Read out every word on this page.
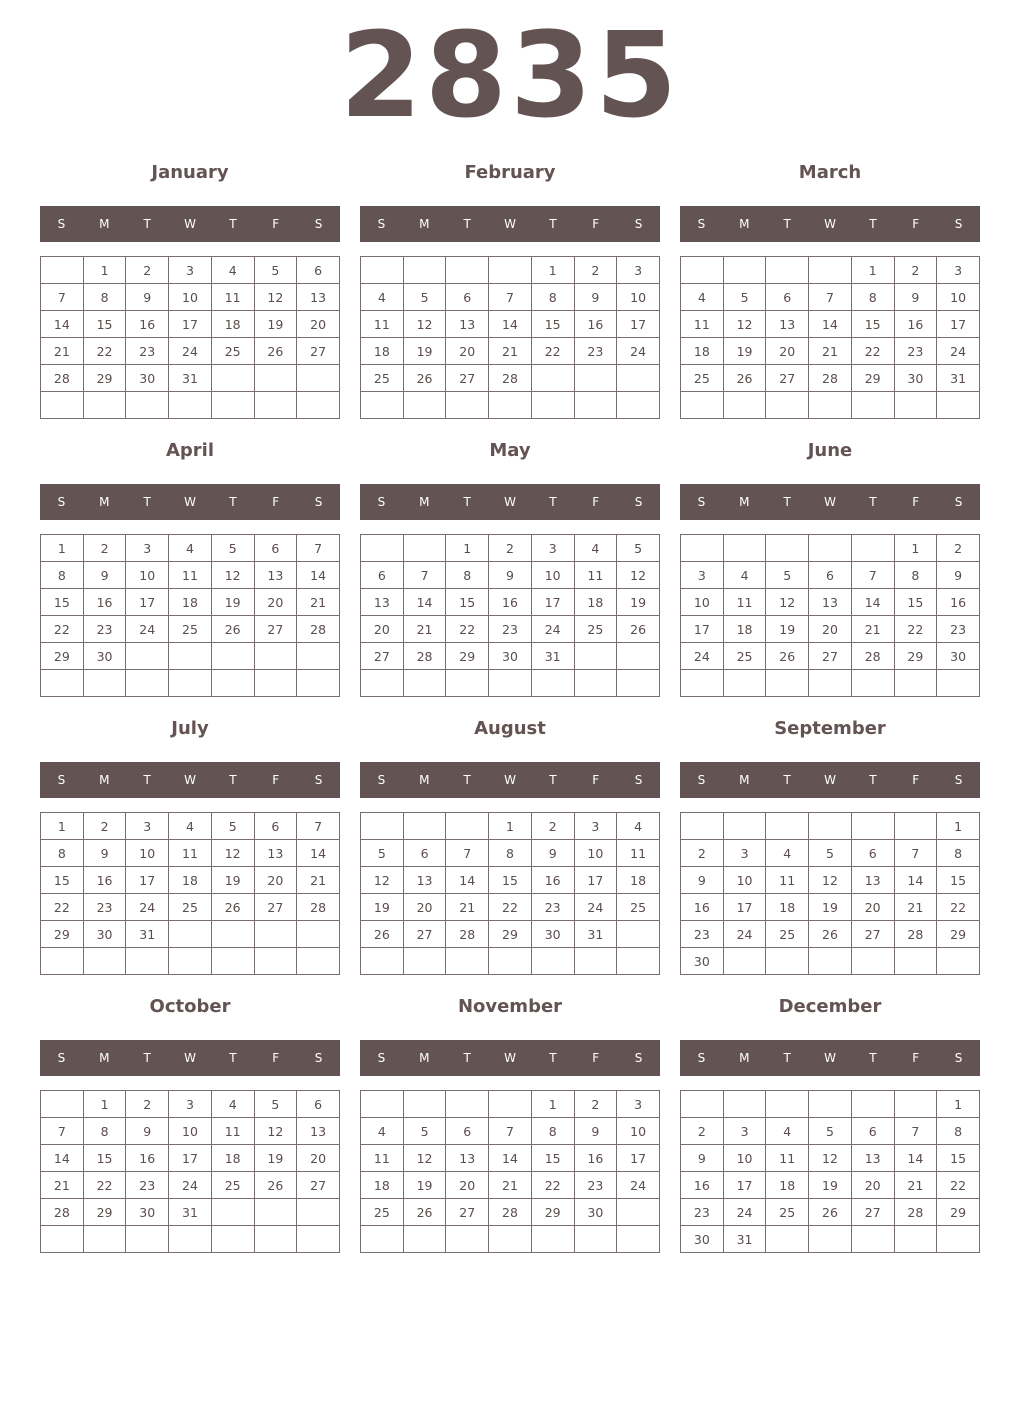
2835
January
S	M	T	W	T	F	S
	1	2	3	4	5	6
7	8	9	10	11	12	13
14	15	16	17	18	19	20
21	22	23	24	25	26	27
28	29	30	31			

February
S	M	T	W	T	F	S
				1	2	3
4	5	6	7	8	9	10
11	12	13	14	15	16	17
18	19	20	21	22	23	24
25	26	27	28			

March
S	M	T	W	T	F	S
				1	2	3
4	5	6	7	8	9	10
11	12	13	14	15	16	17
18	19	20	21	22	23	24
25	26	27	28	29	30	31

April
S	M	T	W	T	F	S
1	2	3	4	5	6	7
8	9	10	11	12	13	14
15	16	17	18	19	20	21
22	23	24	25	26	27	28
29	30					

May
S	M	T	W	T	F	S
		1	2	3	4	5
6	7	8	9	10	11	12
13	14	15	16	17	18	19
20	21	22	23	24	25	26
27	28	29	30	31		

June
S	M	T	W	T	F	S
					1	2
3	4	5	6	7	8	9
10	11	12	13	14	15	16
17	18	19	20	21	22	23
24	25	26	27	28	29	30

July
S	M	T	W	T	F	S
1	2	3	4	5	6	7
8	9	10	11	12	13	14
15	16	17	18	19	20	21
22	23	24	25	26	27	28
29	30	31				

August
S	M	T	W	T	F	S
			1	2	3	4
5	6	7	8	9	10	11
12	13	14	15	16	17	18
19	20	21	22	23	24	25
26	27	28	29	30	31	

September
S	M	T	W	T	F	S
						1
2	3	4	5	6	7	8
9	10	11	12	13	14	15
16	17	18	19	20	21	22
23	24	25	26	27	28	29
30						
October
S	M	T	W	T	F	S
	1	2	3	4	5	6
7	8	9	10	11	12	13
14	15	16	17	18	19	20
21	22	23	24	25	26	27
28	29	30	31			

November
S	M	T	W	T	F	S
				1	2	3
4	5	6	7	8	9	10
11	12	13	14	15	16	17
18	19	20	21	22	23	24
25	26	27	28	29	30	

December
S	M	T	W	T	F	S
						1
2	3	4	5	6	7	8
9	10	11	12	13	14	15
16	17	18	19	20	21	22
23	24	25	26	27	28	29
30	31					
